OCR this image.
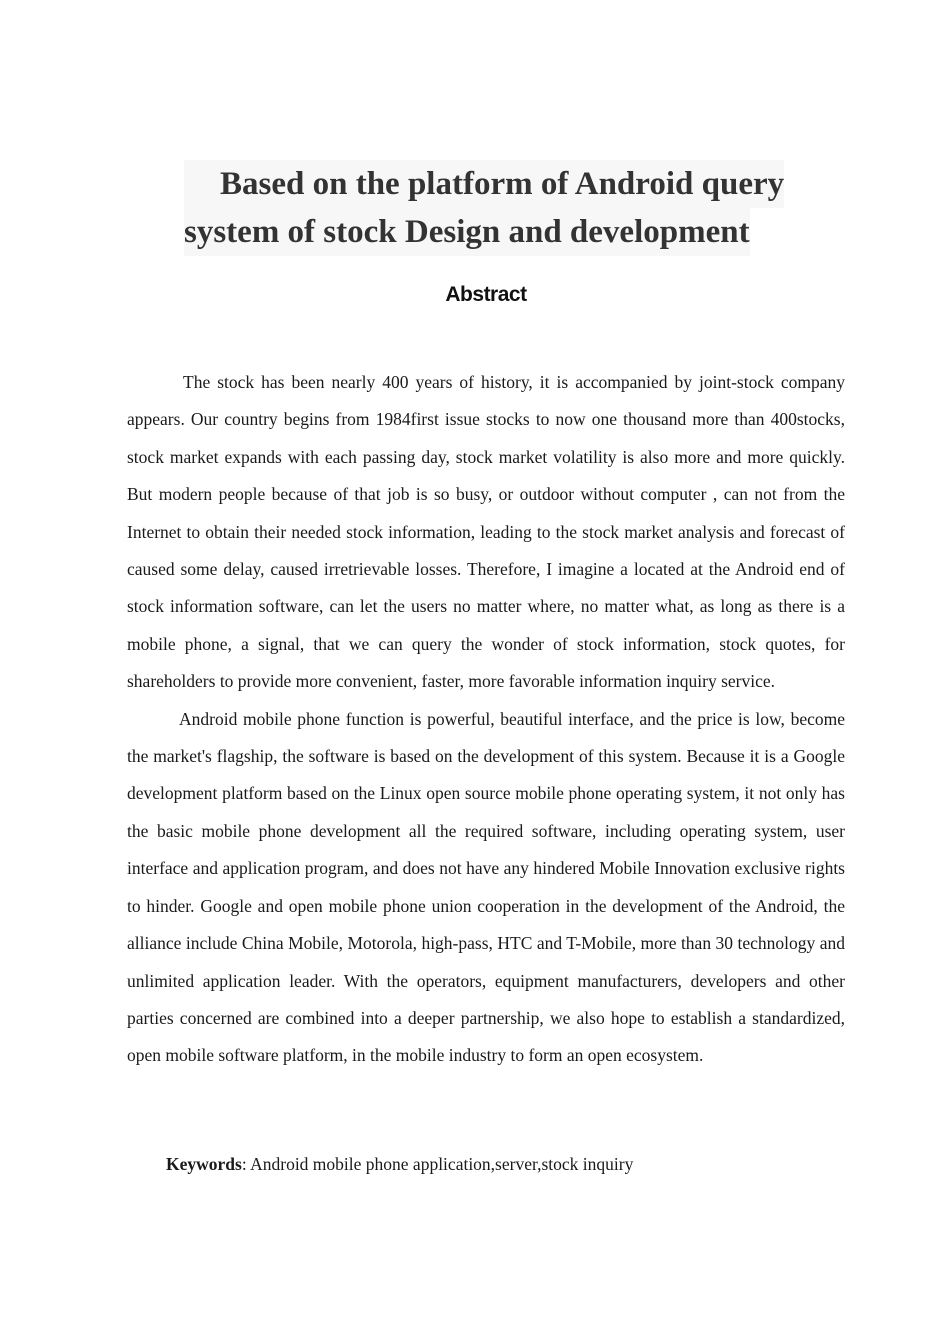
Based on the platform of Android query
system of stock Design and development
Abstract

The stock has been nearly 400 years of history, it is accompanied by joint-stock company appears. Our country begins from 1984first issue stocks to now one thousand more than 400stocks, stock market expands with each passing day, stock market volatility is also more and more quickly. But modern people because of that job is so busy, or outdoor without computer , can not from the Internet to obtain their needed stock information, leading to the stock market analysis and forecast of caused some delay, caused irretrievable losses. Therefore, I imagine a located at the Android end of stock information software, can let the users no matter where, no matter what, as long as there is a mobile phone, a signal, that we can query the wonder of stock information, stock quotes, for shareholders to provide more convenient, faster, more favorable information inquiry service.

Android mobile phone function is powerful, beautiful interface, and the price is low, become the market's flagship, the software is based on the development of this system. Because it is a Google development platform based on the Linux open source mobile phone operating system, it not only has the basic mobile phone development all the required software, including operating system, user interface and application program, and does not have any hindered Mobile Innovation exclusive rights to hinder. Google and open mobile phone union cooperation in the development of the Android, the alliance include China Mobile, Motorola, high-pass, HTC and T-Mobile, more than 30 technology and unlimited application leader. With the operators, equipment manufacturers, developers and other parties concerned are combined into a deeper partnership, we also hope to establish a standardized, open mobile software platform, in the mobile industry to form an open ecosystem.

Keywords: Android mobile phone application,server,stock inquiry
